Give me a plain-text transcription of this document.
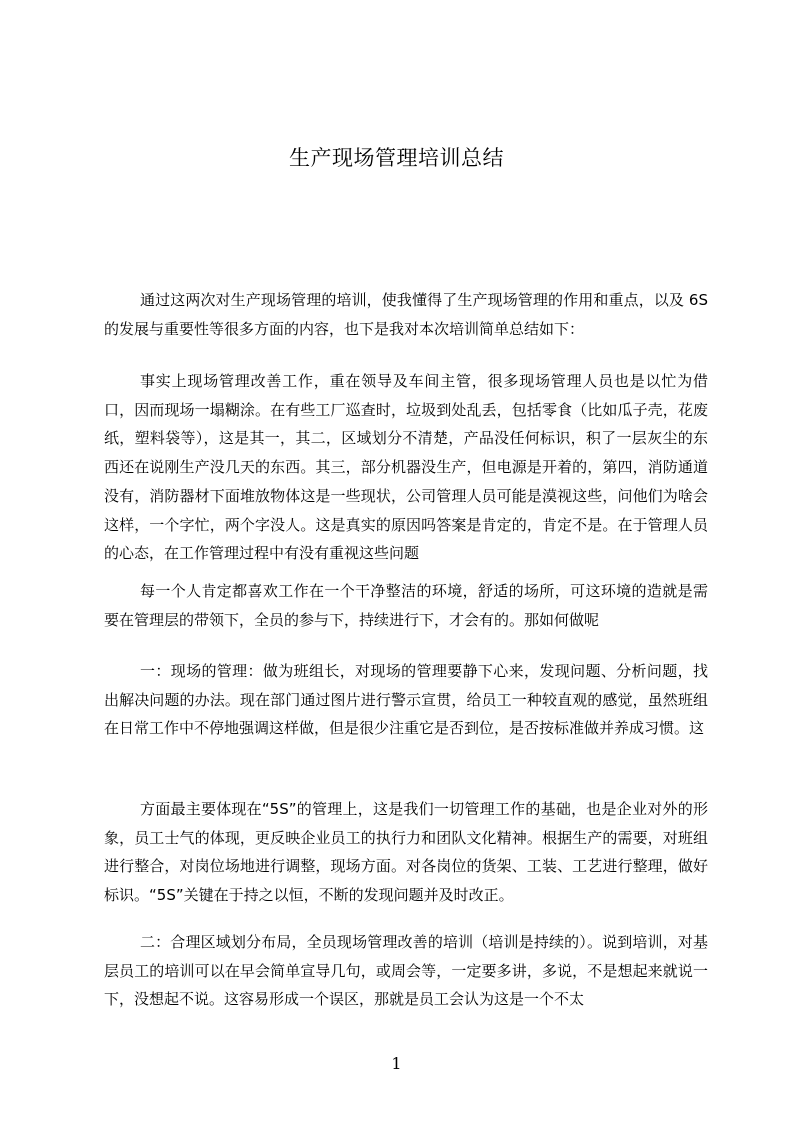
生产现场管理培训总结

通过这两次对生产现场管理的培训，使我懂得了生产现场管理的作用和重点，以及 6S 的发展与重要性等很多方面的内容，也下是我对本次培训简单总结如下：

事实上现场管理改善工作，重在领导及车间主管，很多现场管理人员也是以忙为借口，因而现场一塌糊涂。在有些工厂巡查时，垃圾到处乱丢，包括零食（比如瓜子壳，花废纸，塑料袋等），这是其一，其二，区域划分不清楚，产品没任何标识，积了一层灰尘的东西还在说刚生产没几天的东西。其三，部分机器没生产，但电源是开着的，第四，消防通道没有，消防器材下面堆放物体这是一些现状，公司管理人员可能是漠视这些，问他们为啥会这样，一个字忙，两个字没人。这是真实的原因吗答案是肯定的，肯定不是。在于管理人员的心态，在工作管理过程中有没有重视这些问题

每一个人肯定都喜欢工作在一个干净整洁的环境，舒适的场所，可这环境的造就是需要在管理层的带领下，全员的参与下，持续进行下，才会有的。那如何做呢

一：现场的管理：做为班组长，对现场的管理要静下心来，发现问题、分析问题，找出解决问题的办法。现在部门通过图片进行警示宣贯，给员工一种较直观的感觉，虽然班组在日常工作中不停地强调这样做，但是很少注重它是否到位，是否按标准做并养成习惯。这

方面最主要体现在“5S”的管理上，这是我们一切管理工作的基础，也是企业对外的形象，员工士气的体现，更反映企业员工的执行力和团队文化精神。根据生产的需要，对班组进行整合，对岗位场地进行调整，现场方面。对各岗位的货架、工装、工艺进行整理，做好标识。“5S”关键在于持之以恒，不断的发现问题并及时改正。

二：合理区域划分布局，全员现场管理改善的培训（培训是持续的）。说到培训，对基层员工的培训可以在早会简单宣导几句，或周会等，一定要多讲，多说，不是想起来就说一下，没想起不说。这容易形成一个误区，那就是员工会认为这是一个不太

1
